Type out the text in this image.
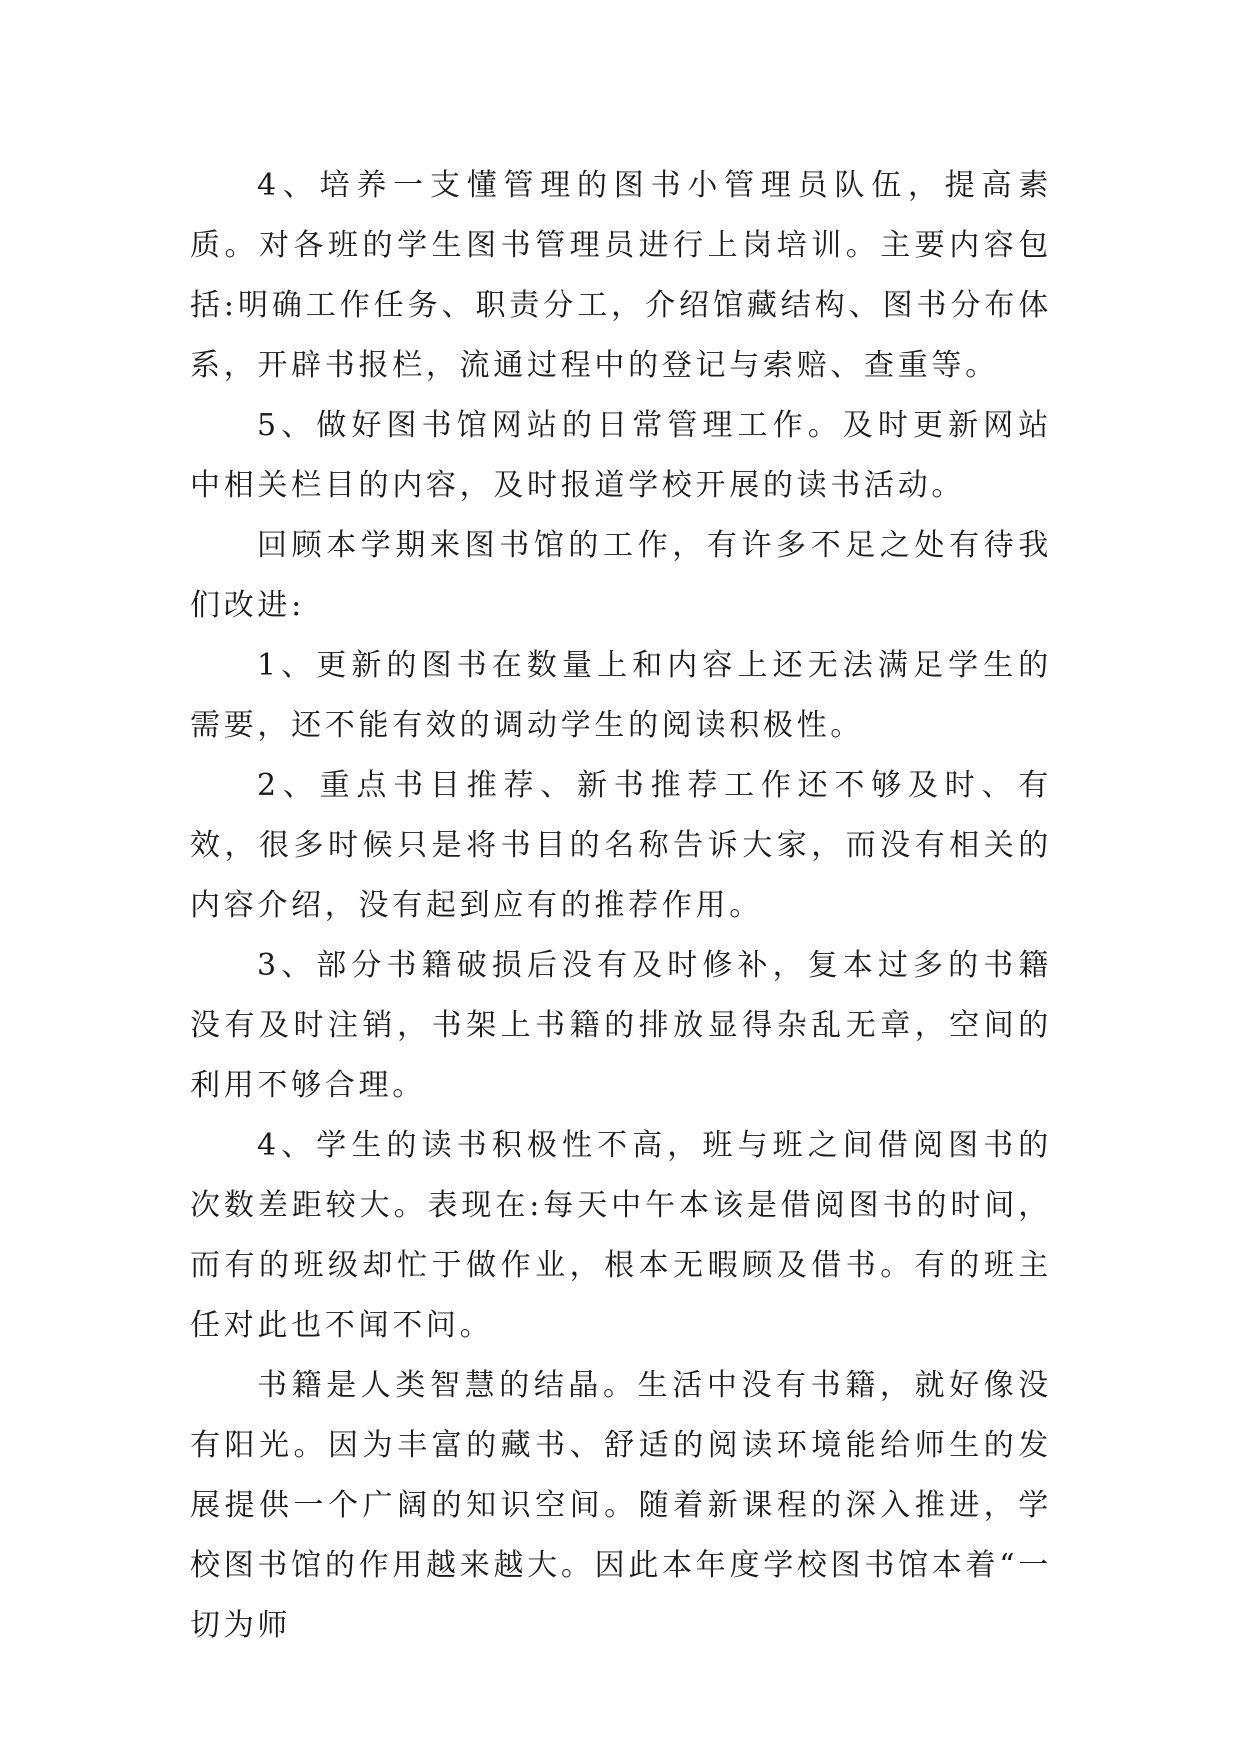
4、培养一支懂管理的图书小管理员队伍，提高素质。对各班的学生图书管理员进行上岗培训。主要内容包括:明确工作任务、职责分工，介绍馆藏结构、图书分布体系，开辟书报栏，流通过程中的登记与索赔、查重等。

5、做好图书馆网站的日常管理工作。及时更新网站中相关栏目的内容，及时报道学校开展的读书活动。

回顾本学期来图书馆的工作，有许多不足之处有待我们改进:

1、更新的图书在数量上和内容上还无法满足学生的需要，还不能有效的调动学生的阅读积极性。

2、重点书目推荐、新书推荐工作还不够及时、有效，很多时候只是将书目的名称告诉大家，而没有相关的内容介绍，没有起到应有的推荐作用。

3、部分书籍破损后没有及时修补，复本过多的书籍没有及时注销，书架上书籍的排放显得杂乱无章，空间的利用不够合理。

4、学生的读书积极性不高，班与班之间借阅图书的次数差距较大。表现在:每天中午本该是借阅图书的时间，而有的班级却忙于做作业，根本无暇顾及借书。有的班主任对此也不闻不问。

书籍是人类智慧的结晶。生活中没有书籍，就好像没有阳光。因为丰富的藏书、舒适的阅读环境能给师生的发展提供一个广阔的知识空间。随着新课程的深入推进，学校图书馆的作用越来越大。因此本年度学校图书馆本着“一切为师
